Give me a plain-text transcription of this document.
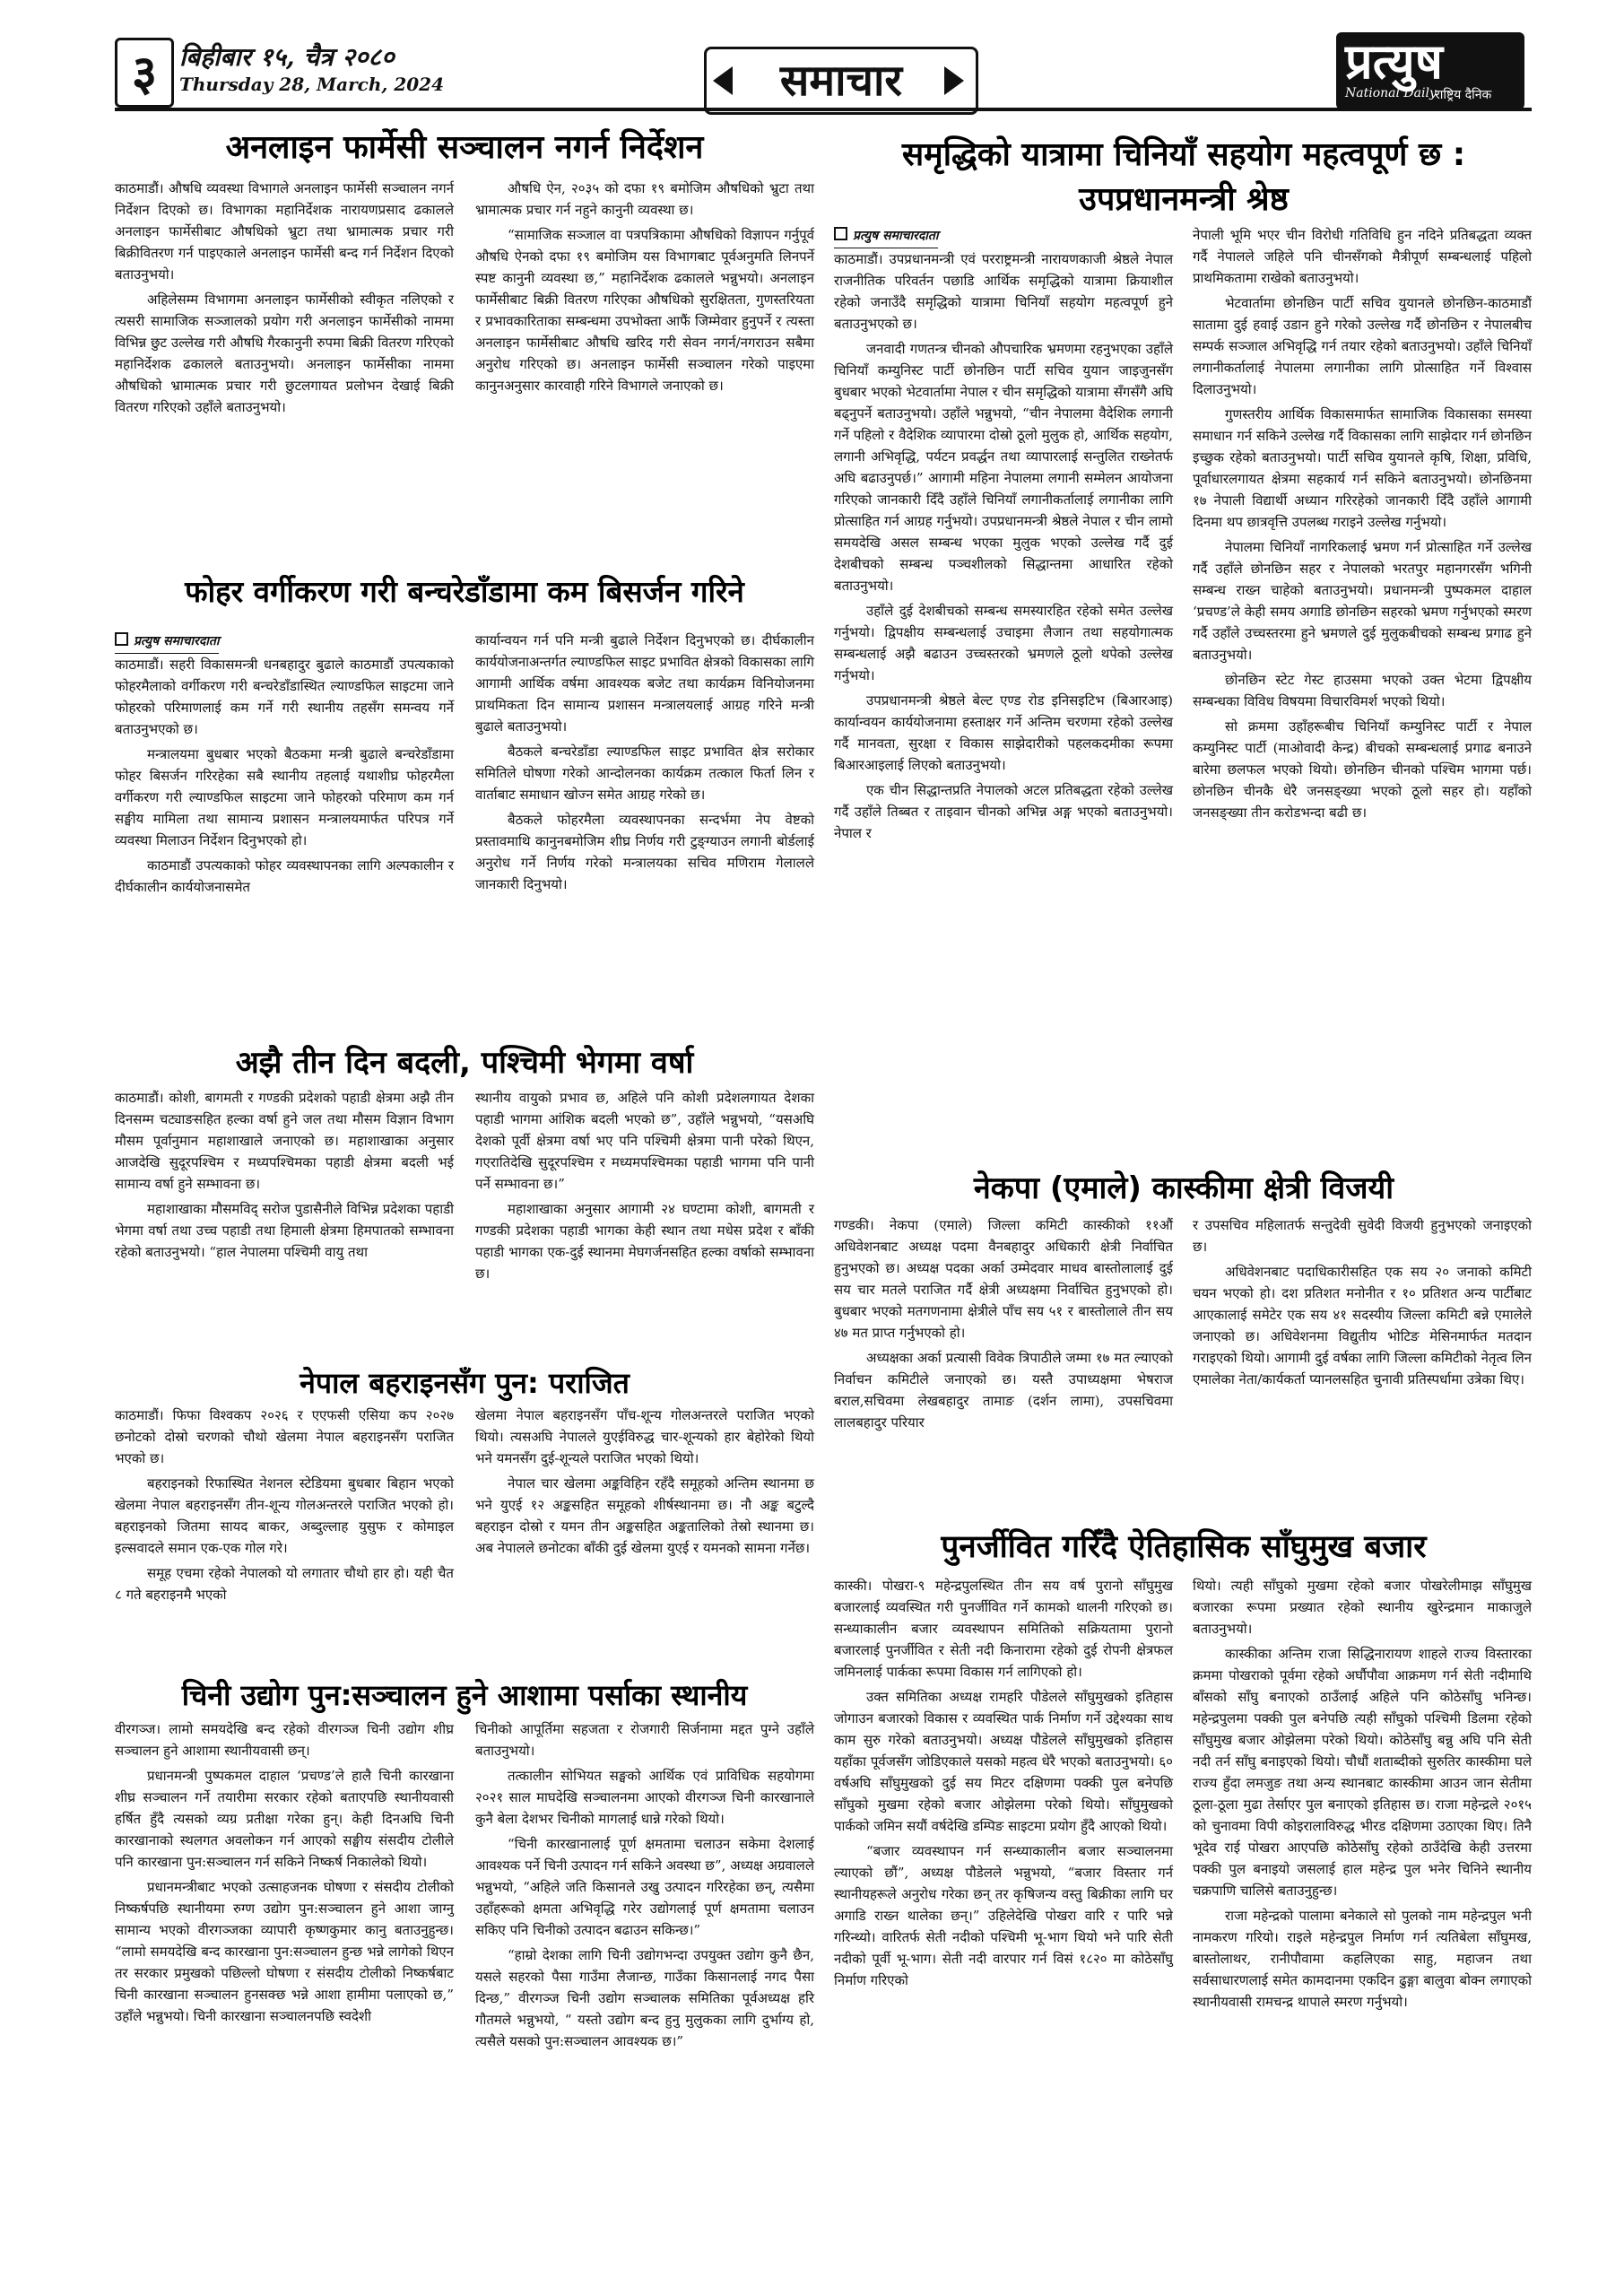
३ बिहीबार १५, चैत्र २०८०
Thursday 28, March, 2024	समाचार	प्रत्युष
National Daily
राष्ट्रिय दैनिक
अनलाइन फार्मेसी सञ्चालन नगर्न निर्देशन

काठमाडौं। औषधि व्यवस्था विभागले अनलाइन फार्मेसी सञ्चालन नगर्न निर्देशन दिएको छ। विभागका महानिर्देशक नारायणप्रसाद ढकालले अनलाइन फार्मेसीबाट औषधिको भ्रुटा तथा भ्रामात्मक प्रचार गरी बिक्रीवितरण गर्न पाइएकाले अनलाइन फार्मेसी बन्द गर्न निर्देशन दिएको बताउनुभयो।

अहिलेसम्म विभागमा अनलाइन फार्मेसीको स्वीकृत नलिएको र त्यसरी सामाजिक सञ्जालको प्रयोग गरी अनलाइन फार्मेसीको नाममा विभिन्न छुट उल्लेख गरी औषधि गैरकानुनी रुपमा बिक्री वितरण गरिएको महानिर्देशक ढकालले बताउनुभयो। अनलाइन फार्मेसीका नाममा औषधिको भ्रामात्मक प्रचार गरी छुटलगायत प्रलोभन देखाई बिक्री वितरण गरिएको उहाँले बताउनुभयो।

औषधि ऐन, २०३५ को दफा १९ बमोजिम औषधिको भ्रुटा तथा भ्रामात्मक प्रचार गर्न नहुने कानुनी व्यवस्था छ।

“सामाजिक सञ्जाल वा पत्रपत्रिकामा औषधिको विज्ञापन गर्नुपूर्व औषधि ऐनको दफा १९ बमोजिम यस विभागबाट पूर्वअनुमति लिनपर्ने स्पष्ट कानुनी व्यवस्था छ,” महानिर्देशक ढकालले भन्नुभयो। अनलाइन फार्मेसीबाट बिक्री वितरण गरिएका औषधिको सुरक्षितता, गुणस्तरियता र प्रभावकारिताका सम्बन्धमा उपभोक्ता आफैं जिम्मेवार हुनुपर्ने र त्यस्ता अनलाइन फार्मेसीबाट औषधि खरिद गरी सेवन नगर्न/नगराउन सबैमा अनुरोध गरिएको छ। अनलाइन फार्मेसी सञ्चालन गरेको पाइएमा कानुनअनुसार कारवाही गरिने विभागले जनाएको छ।

फोहर वर्गीकरण गरी बन्चरेडाँडामा कम बिसर्जन गरिने
प्रत्युष समाचारदाता

काठमाडौं। सहरी विकासमन्त्री धनबहादुर बुढाले काठमाडौं उपत्यकाको फोहरमैलाको वर्गीकरण गरी बन्चरेडाँडास्थित ल्याण्डफिल साइटमा जाने फोहरको परिमाणलाई कम गर्ने गरी स्थानीय तहसँग समन्वय गर्ने बताउनुभएको छ।

मन्त्रालयमा बुधबार भएको बैठकमा मन्त्री बुढाले बन्चरेडाँडामा फोहर बिसर्जन गरिरहेका सबै स्थानीय तहलाई यथाशीघ्र फोहरमैला वर्गीकरण गरी ल्याण्डफिल साइटमा जाने फोहरको परिमाण कम गर्न सङ्घीय मामिला तथा सामान्य प्रशासन मन्त्रालयमार्फत परिपत्र गर्ने व्यवस्था मिलाउन निर्देशन दिनुभएको हो।

काठमाडौं उपत्यकाको फोहर व्यवस्थापनका लागि अल्पकालीन र दीर्घकालीन कार्ययोजनासमेत

कार्यान्वयन गर्न पनि मन्त्री बुढाले निर्देशन दिनुभएको छ। दीर्घकालीन कार्ययोजनाअन्तर्गत ल्याण्डफिल साइट प्रभावित क्षेत्रको विकासका लागि आगामी आर्थिक वर्षमा आवश्यक बजेट तथा कार्यक्रम विनियोजनमा प्राथमिकता दिन सामान्य प्रशासन मन्त्रालयलाई आग्रह गरिने मन्त्री बुढाले बताउनुभयो।

बैठकले बन्चरेडाँडा ल्याण्डफिल साइट प्रभावित क्षेत्र सरोकार समितिले घोषणा गरेको आन्दोलनका कार्यक्रम तत्काल फिर्ता लिन र वार्ताबाट समाधान खोज्न समेत आग्रह गरेको छ।

बैठकले फोहरमैला व्यवस्थापनका सन्दर्भमा नेप वेष्टको प्रस्तावमाथि कानुनबमोजिम शीघ्र निर्णय गरी टुङ्ग्याउन लगानी बोर्डलाई अनुरोध गर्ने निर्णय गरेको मन्त्रालयका सचिव मणिराम गेलालले जानकारी दिनुभयो।

अझै तीन दिन बदली, पश्चिमी भेगमा वर्षा

काठमाडौं। कोशी, बागमती र गण्डकी प्रदेशको पहाडी क्षेत्रमा अझै तीन दिनसम्म चट्याङसहित हल्का वर्षा हुने जल तथा मौसम विज्ञान विभाग मौसम पूर्वानुमान महाशाखाले जनाएको छ। महाशाखाका अनुसार आजदेखि सुदूरपश्चिम र मध्यपश्चिमका पहाडी क्षेत्रमा बदली भई सामान्य वर्षा हुने सम्भावना छ।

महाशाखाका मौसमविद् सरोज पुडासैनीले विभिन्न प्रदेशका पहाडी भेगमा वर्षा तथा उच्च पहाडी तथा हिमाली क्षेत्रमा हिमपातको सम्भावना रहेको बताउनुभयो। “हाल नेपालमा पश्चिमी वायु तथा

स्थानीय वायुको प्रभाव छ, अहिले पनि कोशी प्रदेशलगायत देशका पहाडी भागमा आंशिक बदली भएको छ”, उहाँले भन्नुभयो, “यसअघि देशको पूर्वी क्षेत्रमा वर्षा भए पनि पश्चिमी क्षेत्रमा पानी परेको थिएन, गएरातिदेखि सुदूरपश्चिम र मध्यमपश्चिमका पहाडी भागमा पनि पानी पर्ने सम्भावना छ।”

महाशाखाका अनुसार आगामी २४ घण्टामा कोशी, बागमती र गण्डकी प्रदेशका पहाडी भागका केही स्थान तथा मधेस प्रदेश र बाँकी पहाडी भागका एक-दुई स्थानमा मेघगर्जनसहित हल्का वर्षाको सम्भावना छ।

नेपाल बहराइनसँग पुन: पराजित

काठमाडौं। फिफा विश्वकप २०२६ र एएफसी एसिया कप २०२७ छनोटको दोस्रो चरणको चौथो खेलमा नेपाल बहराइनसँग पराजित भएको छ।

बहराइनको रिफास्थित नेशनल स्टेडियमा बुधबार बिहान भएको खेलमा नेपाल बहराइनसँग तीन-शून्य गोलअन्तरले पराजित भएको हो। बहराइनको जितमा सायद बाकर, अब्दुल्लाह युसुफ र कोमाइल इल्सवादले समान एक-एक गोल गरे।

समूह एचमा रहेको नेपालको यो लगातार चौथो हार हो। यही चैत ८ गते बहराइनमै भएको

खेलमा नेपाल बहराइनसँग पाँच-शून्य गोलअन्तरले पराजित भएको थियो। त्यसअघि नेपालले युएईविरुद्ध चार-शून्यको हार बेहोरेको थियो भने यमनसँग दुई-शून्यले पराजित भएको थियो।

नेपाल चार खेलमा अङ्कविहिन रहँदै समूहको अन्तिम स्थानमा छ भने युएई १२ अङ्कसहित समूहको शीर्षस्थानमा छ। नौ अङ्क बटुल्दै बहराइन दोस्रो र यमन तीन अङ्कसहित अङ्कतालिको तेस्रो स्थानमा छ। अब नेपालले छनोटका बाँकी दुई खेलमा युएई र यमनको सामना गर्नेछ।

चिनी उद्योग पुन:सञ्चालन हुने आशामा पर्साका स्थानीय

वीरगञ्ज। लामो समयदेखि बन्द रहेको वीरगञ्ज चिनी उद्योग शीघ्र सञ्चालन हुने आशामा स्थानीयवासी छन्।

प्रधानमन्त्री पुष्पकमल दाहाल ‘प्रचण्ड’ले हालै चिनी कारखाना शीघ्र सञ्चालन गर्ने तयारीमा सरकार रहेको बताएपछि स्थानीयवासी हर्षित हुँदै त्यसको व्यग्र प्रतीक्षा गरेका हुन्। केही दिनअघि चिनी कारखानाको स्थलगत अवलोकन गर्न आएको सङ्घीय संसदीय टोलीले पनि कारखाना पुन:सञ्चालन गर्न सकिने निष्कर्ष निकालेको थियो।

प्रधानमन्त्रीबाट भएको उत्साहजनक घोषणा र संसदीय टोलीको निष्कर्षपछि स्थानीयमा रुग्ण उद्योग पुन:सञ्चालन हुने आशा जाग्नु सामान्य भएको वीरगञ्जका व्यापारी कृष्णकुमार कानु बताउनुहुन्छ। “लामो समयदेखि बन्द कारखाना पुन:सञ्चालन हुन्छ भन्ने लागेको थिएन तर सरकार प्रमुखको पछिल्लो घोषणा र संसदीय टोलीको निष्कर्षबाट चिनी कारखाना सञ्चालन हुनसक्छ भन्ने आशा हामीमा पलाएको छ,” उहाँले भन्नुभयो। चिनी कारखाना सञ्चालनपछि स्वदेशी

चिनीको आपूर्तिमा सहजता र रोजगारी सिर्जनामा मद्दत पुग्ने उहाँले बताउनुभयो।

तत्कालीन सोभियत सङ्घको आर्थिक एवं प्राविधिक सहयोगमा २०२१ साल माघदेखि सञ्चालनमा आएको वीरगञ्ज चिनी कारखानाले कुनै बेला देशभर चिनीको मागलाई धान्ने गरेको थियो।

“चिनी कारखानालाई पूर्ण क्षमतामा चलाउन सकेमा देशलाई आवश्यक पर्ने चिनी उत्पादन गर्न सकिने अवस्था छ”, अध्यक्ष अग्रवालले भन्नुभयो, “अहिले जति किसानले उखु उत्पादन गरिरहेका छन्, त्यसैमा उहाँहरूको क्षमता अभिवृद्धि गरेर उद्योगलाई पूर्ण क्षमतामा चलाउन सकिए पनि चिनीको उत्पादन बढाउन सकिन्छ।”

“हाम्रो देशका लागि चिनी उद्योगभन्दा उपयुक्त उद्योग कुनै छैन, यसले सहरको पैसा गाउँमा लैजान्छ, गाउँका किसानलाई नगद पैसा दिन्छ,” वीरगञ्ज चिनी उद्योग सञ्चालक समितिका पूर्वअध्यक्ष हरि गौतमले भन्नुभयो, “ यस्तो उद्योग बन्द हुनु मुलुकका लागि दुर्भाग्य हो, त्यसैले यसको पुन:सञ्चालन आवश्यक छ।”

समृद्धिको यात्रामा चिनियाँ सहयोग महत्वपूर्ण छ :
उपप्रधानमन्त्री श्रेष्ठ
प्रत्युष समाचारदाता

काठमाडौं। उपप्रधानमन्त्री एवं परराष्ट्रमन्त्री नारायणकाजी श्रेष्ठले नेपाल राजनीतिक परिवर्तन पछाडि आर्थिक समृद्धिको यात्रामा क्रियाशील रहेको जनाउँदै समृद्धिको यात्रामा चिनियाँ सहयोग महत्वपूर्ण हुने बताउनुभएको छ।

जनवादी गणतन्त्र चीनको औपचारिक भ्रमणमा रहनुभएका उहाँले चिनियाँ कम्युनिस्ट पार्टी छोनछिन पार्टी सचिव युयान जाइजुनसँग बुधबार भएको भेटवार्तामा नेपाल र चीन समृद्धिको यात्रामा सँगसँगै अघि बढ्नुपर्ने बताउनुभयो। उहाँले भन्नुभयो, “चीन नेपालमा वैदेशिक लगानी गर्ने पहिलो र वैदेशिक व्यापारमा दोस्रो ठूलो मुलुक हो, आर्थिक सहयोग, लगानी अभिवृद्धि, पर्यटन प्रवर्द्धन तथा व्यापारलाई सन्तुलित राख्नेतर्फ अघि बढाउनुपर्छ।” आगामी महिना नेपालमा लगानी सम्मेलन आयोजना गरिएको जानकारी दिँदै उहाँले चिनियाँ लगानीकर्तालाई लगानीका लागि प्रोत्साहित गर्न आग्रह गर्नुभयो। उपप्रधानमन्त्री श्रेष्ठले नेपाल र चीन लामो समयदेखि असल सम्बन्ध भएका मुलुक भएको उल्लेख गर्दै दुई देशबीचको सम्बन्ध पञ्चशीलको सिद्धान्तमा आधारित रहेको बताउनुभयो।

उहाँले दुई देशबीचको सम्बन्ध समस्यारहित रहेको समेत उल्लेख गर्नुभयो। द्विपक्षीय सम्बन्धलाई उचाइमा लैजान तथा सहयोगात्मक सम्बन्धलाई अझै बढाउन उच्चस्तरको भ्रमणले ठूलो थपेको उल्लेख गर्नुभयो।

उपप्रधानमन्त्री श्रेष्ठले बेल्ट एण्ड रोड इनिसइटिभ (बिआरआइ) कार्यान्वयन कार्ययोजनामा हस्ताक्षर गर्ने अन्तिम चरणमा रहेको उल्लेख गर्दै मानवता, सुरक्षा र विकास साझेदारीको पहलकदमीका रूपमा बिआरआइलाई लिएको बताउनुभयो।

एक चीन सिद्धान्तप्रति नेपालको अटल प्रतिबद्धता रहेको उल्लेख गर्दै उहाँले तिब्बत र ताइवान चीनको अभिन्न अङ्ग भएको बताउनुभयो। नेपाल र

नेपाली भूमि भएर चीन विरोधी गतिविधि हुन नदिने प्रतिबद्धता व्यक्त गर्दै नेपालले जहिले पनि चीनसँगको मैत्रीपूर्ण सम्बन्धलाई पहिलो प्राथमिकतामा राखेको बताउनुभयो।

भेटवार्तामा छोनछिन पार्टी सचिव युयानले छोनछिन-काठमाडौं सातामा दुई हवाई उडान हुने गरेको उल्लेख गर्दै छोनछिन र नेपालबीच सम्पर्क सञ्जाल अभिवृद्धि गर्न तयार रहेको बताउनुभयो। उहाँले चिनियाँ लगानीकर्तालाई नेपालमा लगानीका लागि प्रोत्साहित गर्ने विश्वास दिलाउनुभयो।

गुणस्तरीय आर्थिक विकासमार्फत सामाजिक विकासका समस्या समाधान गर्न सकिने उल्लेख गर्दै विकासका लागि साझेदार गर्न छोनछिन इच्छुक रहेको बताउनुभयो। पार्टी सचिव युयानले कृषि, शिक्षा, प्रविधि, पूर्वाधारलगायत क्षेत्रमा सहकार्य गर्न सकिने बताउनुभयो। छोनछिनमा १७ नेपाली विद्यार्थी अध्यान गरिरहेको जानकारी दिँदै उहाँले आगामी दिनमा थप छात्रवृत्ति उपलब्ध गराइने उल्लेख गर्नुभयो।

नेपालमा चिनियाँ नागरिकलाई भ्रमण गर्न प्रोत्साहित गर्ने उल्लेख गर्दै उहाँले छोनछिन सहर र नेपालको भरतपुर महानगरसँग भगिनी सम्बन्ध राख्न चाहेको बताउनुभयो। प्रधानमन्त्री पुष्पकमल दाहाल ‘प्रचण्ड’ले केही समय अगाडि छोनछिन सहरको भ्रमण गर्नुभएको स्मरण गर्दै उहाँले उच्चस्तरमा हुने भ्रमणले दुई मुलुकबीचको सम्बन्ध प्रगाढ हुने बताउनुभयो।

छोनछिन स्टेट गेस्ट हाउसमा भएको उक्त भेटमा द्विपक्षीय सम्बन्धका विविध विषयमा विचारविमर्श भएको थियो।

सो क्रममा उहाँहरूबीच चिनियाँ कम्युनिस्ट पार्टी र नेपाल कम्युनिस्ट पार्टी (माओवादी केन्द्र) बीचको सम्बन्धलाई प्रगाढ बनाउने बारेमा छलफल भएको थियो। छोनछिन चीनको पश्चिम भागमा पर्छ। छोनछिन चीनकै धेरै जनसङ्ख्या भएको ठूलो सहर हो। यहाँको जनसङ्ख्या तीन करोडभन्दा बढी छ।

नेकपा (एमाले) कास्कीमा क्षेत्री विजयी

गण्डकी। नेकपा (एमाले) जिल्ला कमिटी कास्कीको ११औं अधिवेशनबाट अध्यक्ष पदमा वैनबहादुर अधिकारी क्षेत्री निर्वाचित हुनुभएको छ। अध्यक्ष पदका अर्का उम्मेदवार माधव बास्तोलालाई दुई सय चार मतले पराजित गर्दै क्षेत्री अध्यक्षमा निर्वाचित हुनुभएको हो। बुधबार भएको मतगणनामा क्षेत्रीले पाँच सय ५१ र बास्तोलाले तीन सय ४७ मत प्राप्त गर्नुभएको हो।

अध्यक्षका अर्का प्रत्यासी विवेक त्रिपाठीले जम्मा १७ मत ल्याएको निर्वाचन कमिटीले जनाएको छ। यस्तै उपाध्यक्षमा भेषराज बराल,सचिवमा लेखबहादुर तामाङ (दर्शन लामा), उपसचिवमा लालबहादुर परियार

र उपसचिव महिलातर्फ सन्तुदेवी सुवेदी विजयी हुनुभएको जनाइएको छ।

अधिवेशनबाट पदाधिकारीसहित एक सय २० जनाको कमिटी चयन भएको हो। दश प्रतिशत मनोनीत र १० प्रतिशत अन्य पार्टीबाट आएकालाई समेटेर एक सय ४१ सदस्यीय जिल्ला कमिटी बन्ने एमालेले जनाएको छ। अधिवेशनमा विद्युतीय भोटिङ मेसिनमार्फत मतदान गराइएको थियो। आगामी दुई वर्षका लागि जिल्ला कमिटीको नेतृत्व लिन एमालेका नेता/कार्यकर्ता प्यानलसहित चुनावी प्रतिस्पर्धामा उत्रेका थिए।

पुनर्जीवित गरिँदै ऐतिहासिक साँघुमुख बजार

कास्की। पोखरा-९ महेन्द्रपुलस्थित तीन सय वर्ष पुरानो साँघुमुख बजारलाई व्यवस्थित गरी पुनर्जीवित गर्ने कामको थालनी गरिएको छ। सन्ध्याकालीन बजार व्यवस्थापन समितिको सक्रियतामा पुरानो बजारलाई पुनर्जीवित र सेती नदी किनारामा रहेको दुई रोपनी क्षेत्रफल जमिनलाई पार्कका रूपमा विकास गर्न लागिएको हो।

उक्त समितिका अध्यक्ष रामहरि पौडेलले साँघुमुखको इतिहास जोगाउन बजारको विकास र व्यवस्थित पार्क निर्माण गर्ने उद्देश्यका साथ काम सुरु गरेको बताउनुभयो। अध्यक्ष पौडेलले साँघुमुखको इतिहास यहाँका पूर्वजसँग जोडिएकाले यसको महत्व धेरै भएको बताउनुभयो। ६० वर्षअघि साँघुमुखको दुई सय मिटर दक्षिणमा पक्की पुल बनेपछि साँघुको मुखमा रहेको बजार ओझेलमा परेको थियो। साँघुमुखको पार्कको जमिन सयौं वर्षदेखि डम्पिङ साइटमा प्रयोग हुँदै आएको थियो।

“बजार व्यवस्थापन गर्न सन्ध्याकालीन बजार सञ्चालनमा ल्याएको छौं”, अध्यक्ष पौडेलले भन्नुभयो, “बजार विस्तार गर्न स्थानीयहरूले अनुरोध गरेका छन् तर कृषिजन्य वस्तु बिक्रीका लागि घर अगाडि राख्न थालेका छन्।” उहिलेदेखि पोखरा वारि र पारि भन्ने गरिन्थ्यो। वारितर्फ सेती नदीको पश्चिमी भू-भाग थियो भने पारि सेती नदीको पूर्वी भू-भाग। सेती नदी वारपार गर्न विसं १८२० मा कोठेसाँघु निर्माण गरिएको

थियो। त्यही साँघुको मुखमा रहेको बजार पोखरेलीमाझ साँघुमुख बजारका रूपमा प्रख्यात रहेको स्थानीय खुरेन्द्रमान माकाजुले बताउनुभयो।

कास्कीका अन्तिम राजा सिद्धिनारायण शाहले राज्य विस्तारका क्रममा पोखराको पूर्वमा रहेको अर्घौपौवा आक्रमण गर्न सेती नदीमाथि बाँसको साँघु बनाएको ठाउँलाई अहिले पनि कोठेसाँघु भनिन्छ। महेन्द्रपुलमा पक्की पुल बनेपछि त्यही साँघुको पश्चिमी डिलमा रहेको साँघुमुख बजार ओझेलमा परेको थियो। कोठेसाँघु बन्नु अघि पनि सेती नदी तर्न साँघु बनाइएको थियो। चौधौं शताब्दीको सुरुतिर कास्कीमा घले राज्य हुँदा लमजुङ तथा अन्य स्थानबाट कास्कीमा आउन जान सेतीमा ठूला-ठूला मुढा तेर्साएर पुल बनाएको इतिहास छ। राजा महेन्द्रले २०१५ को चुनावमा विपी कोइरालाविरुद्ध भीरड दक्षिणमा उठाएका थिए। तिनै भूदेव राई पोखरा आएपछि कोठेसाँघु रहेको ठाउँदेखि केही उत्तरमा पक्की पुल बनाइयो जसलाई हाल महेन्द्र पुल भनेर चिनिने स्थानीय चक्रपाणि चालिसे बताउनुहुन्छ।

राजा महेन्द्रको पालामा बनेकाले सो पुलको नाम महेन्द्रपुल भनी नामकरण गरियो। राइले महेन्द्रपुल निर्माण गर्न त्यतिबेला साँघुमख, बास्तोलाथर, रानीपौवामा कहलिएका साहु, महाजन तथा सर्वसाधारणलाई समेत कामदानमा एकदिन ढुङ्गा बालुवा बोक्न लगाएको स्थानीयवासी रामचन्द्र थापाले स्मरण गर्नुभयो।
